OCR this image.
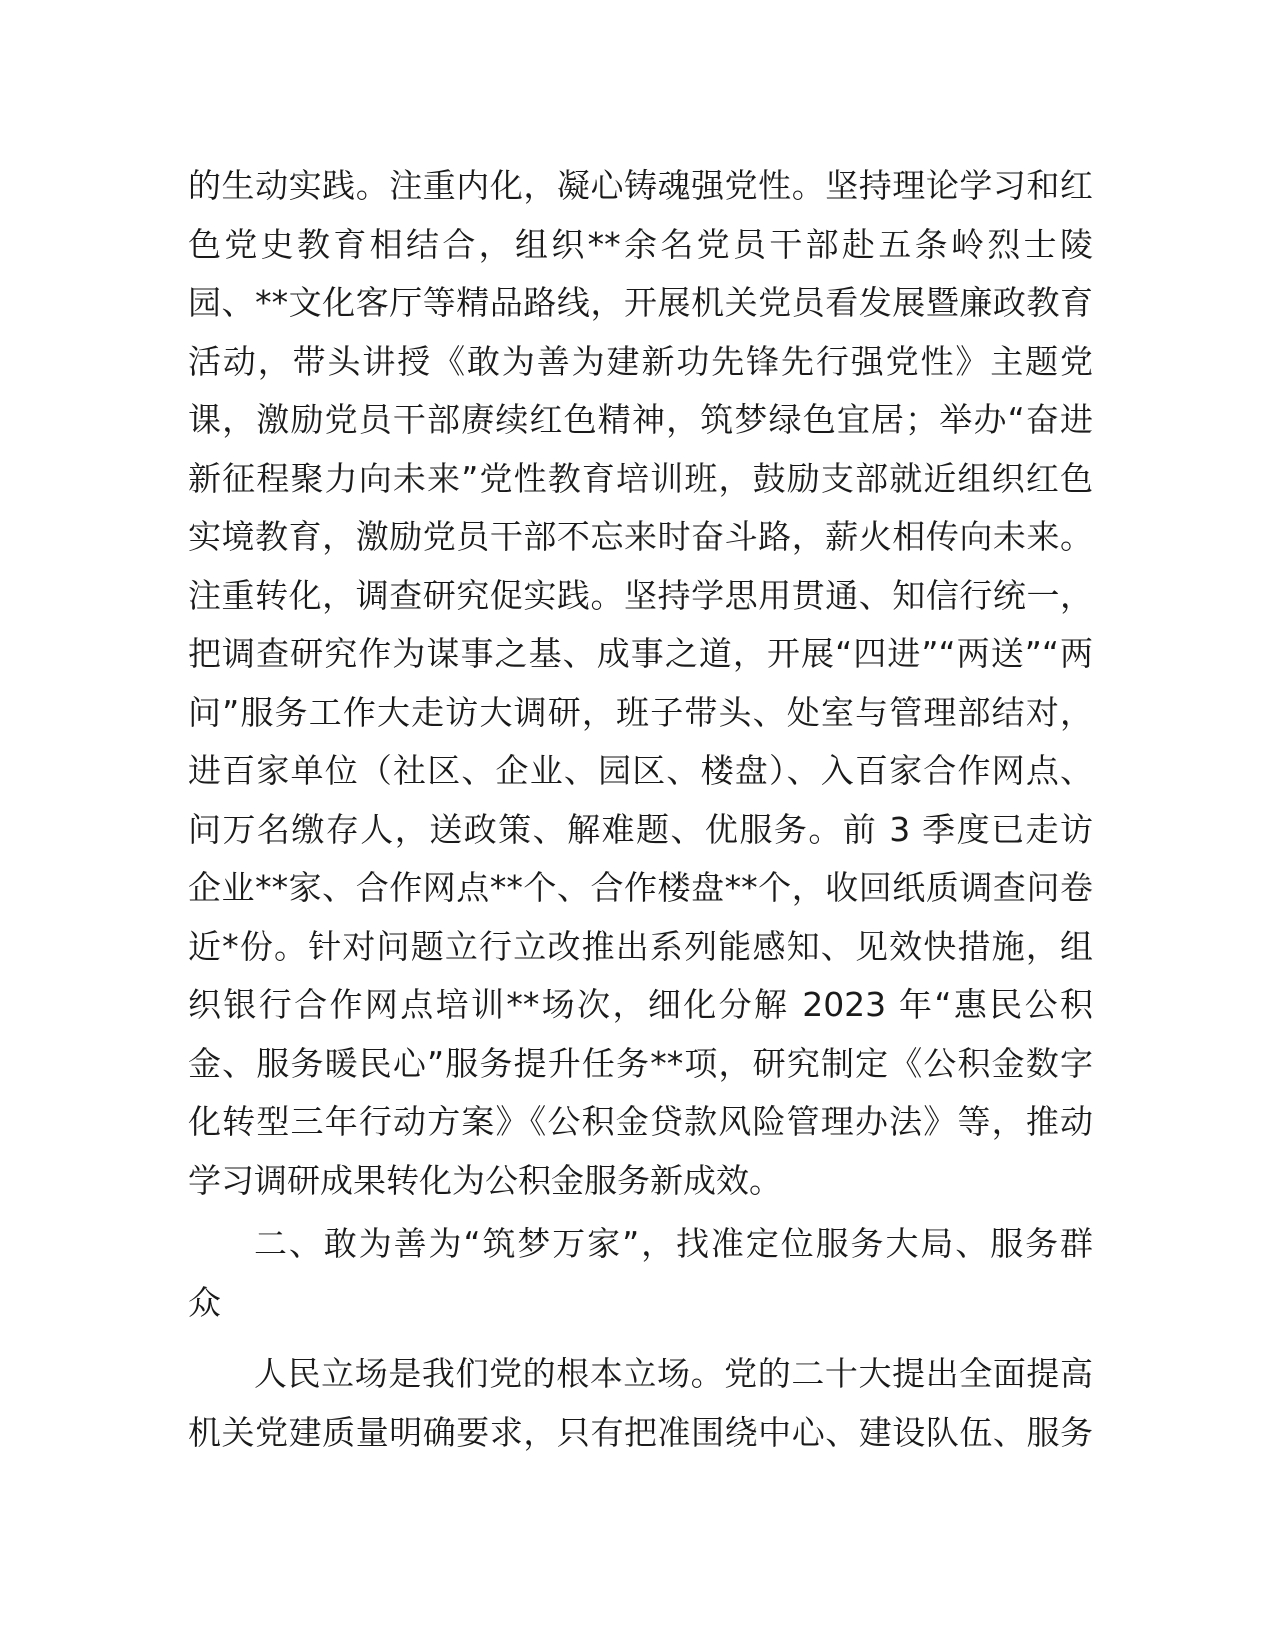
的生动实践。注重内化，凝心铸魂强党性。坚持理论学习和红
色党史教育相结合，组织**余名党员干部赴五条岭烈士陵
园、**文化客厅等精品路线，开展机关党员看发展暨廉政教育
活动，带头讲授《敢为善为建新功先锋先行强党性》主题党
课，激励党员干部赓续红色精神，筑梦绿色宜居；举办“奋进
新征程聚力向未来”党性教育培训班，鼓励支部就近组织红色
实境教育，激励党员干部不忘来时奋斗路，薪火相传向未来。
注重转化，调查研究促实践。坚持学思用贯通、知信行统一，
把调查研究作为谋事之基、成事之道，开展“四进”“两送”“两
问”服务工作大走访大调研，班子带头、处室与管理部结对，
进百家单位（社区、企业、园区、楼盘）、入百家合作网点、
问万名缴存人，送政策、解难题、优服务。前 3 季度已走访
企业**家、合作网点**个、合作楼盘**个，收回纸质调查问卷
近*份。针对问题立行立改推出系列能感知、见效快措施，组
织银行合作网点培训**场次，细化分解 2023 年“惠民公积
金、服务暖民心”服务提升任务**项，研究制定《公积金数字
化转型三年行动方案》《公积金贷款风险管理办法》等，推动
学习调研成果转化为公积金服务新成效。
二、敢为善为“筑梦万家”，找准定位服务大局、服务群
众
人民立场是我们党的根本立场。党的二十大提出全面提高
机关党建质量明确要求，只有把准围绕中心、建设队伍、服务
